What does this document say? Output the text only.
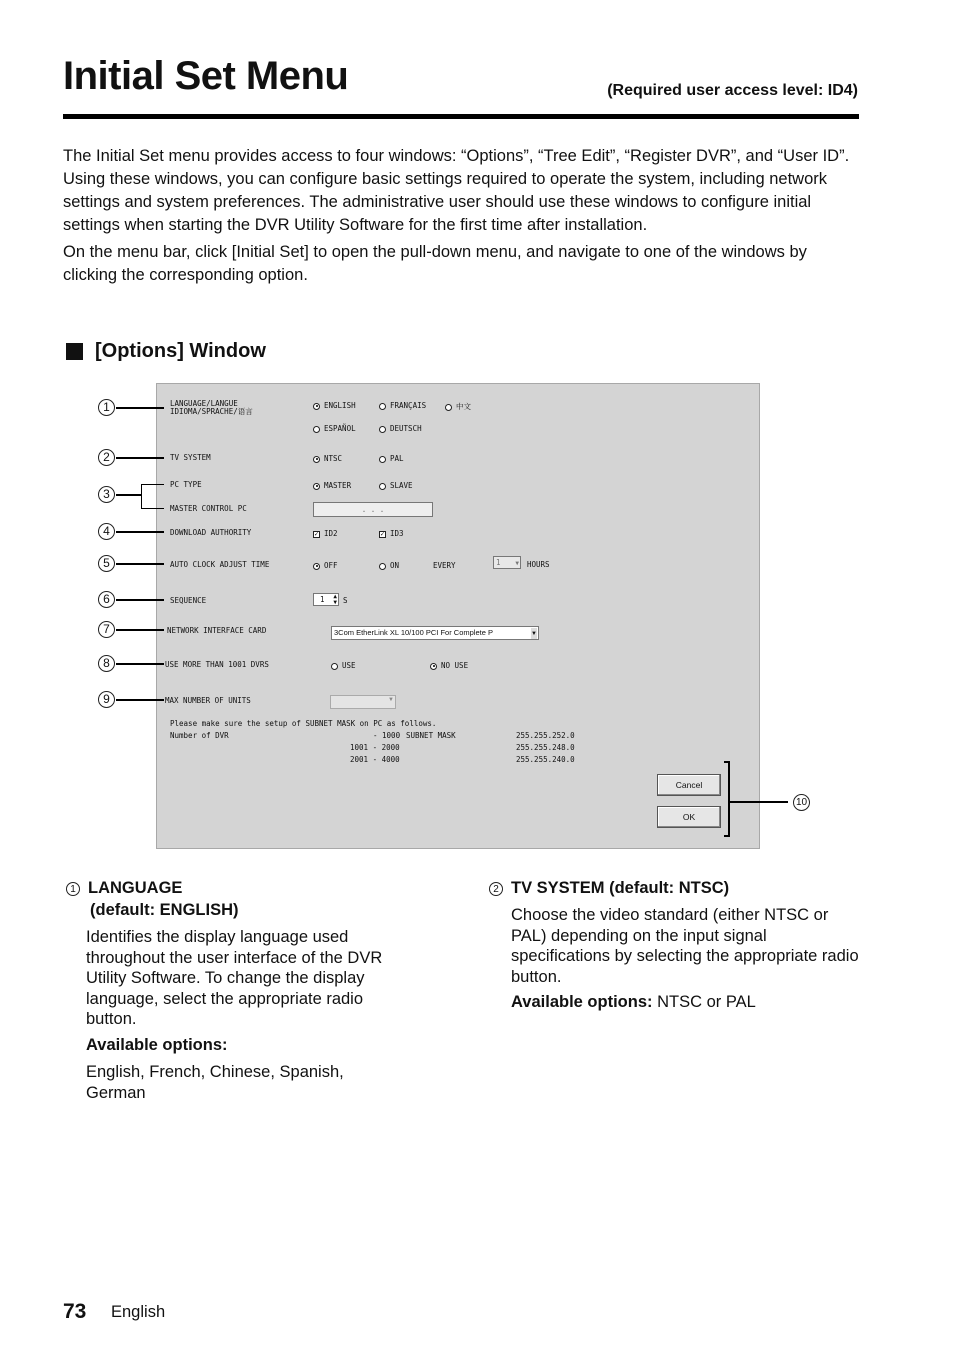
Initial Set Menu	(Required user access level: ID4)

The Initial Set menu provides access to four windows: “Options”, “Tree Edit”, “Register DVR”, and “User ID”. Using these windows, you can configure basic settings required to operate the system, including network settings and system preferences. The administrative user should use these windows to configure initial settings when starting the DVR Utility Software for the first time after installation.

On the menu bar, click [Initial Set] to open the pull-down menu, and navigate to one of the windows by clicking the corresponding option.

[Options] Window
LANGUAGE/LANGUE
IDIOMA/SPRACHE/语言
ENGLISH	FRANÇAIS	中文
ESPAÑOL	DEUTSCH
TV SYSTEM	NTSC	PAL
PC TYPE	MASTER	SLAVE
MASTER CONTROL PC	. . .
DOWNLOAD AUTHORITY	✓ ID2	✓ ID3
AUTO CLOCK ADJUST TIME	OFF	ON	EVERY	1 ▼ HOURS
SEQUENCE	1 ▲
▼ S
NETWORK INTERFACE CARD	3Com EtherLink XL 10/100 PCI For Complete P	▼
USE MORE THAN 1001 DVRS	USE	NO USE
MAX NUMBER OF UNITS	▼
Please make sure the setup of SUBNET MASK on PC as follows.
Number of DVR	- 1000 SUBNET MASK	255.255.252.0
1001 - 2000	255.255.248.0
2001 - 4000	255.255.240.0
Cancel
OK
10
1
2
3
4
5
6
7
8
9

1 LANGUAGE

(default: ENGLISH)

Identifies the display language used throughout the user interface of the DVR Utility Software. To change the display language, select the appropriate radio button.

Available options:

English, French, Chinese, Spanish, German

2 TV SYSTEM (default: NTSC)

Choose the video standard (either NTSC or PAL) depending on the input signal specifications by selecting the appropriate radio button.

Available options: NTSC or PAL

73 English
